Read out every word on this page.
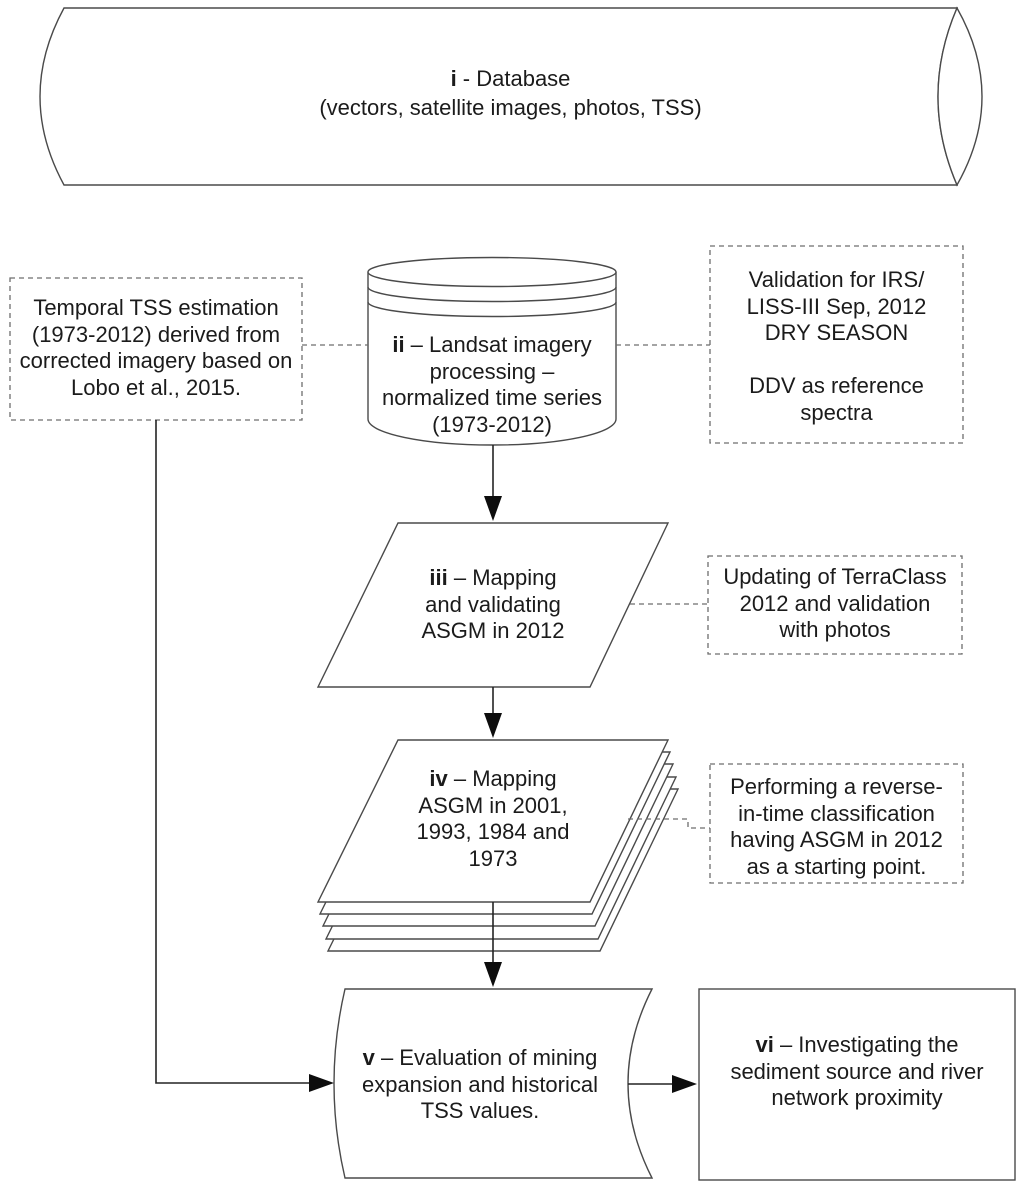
i - Database
(vectors, satellite images, photos, TSS)
Temporal TSS estimation
(1973-2012) derived from
corrected imagery based on
Lobo et al., 2015.
ii – Landsat imagery
processing –
normalized time series
(1973-2012)
Validation for IRS/
LISS-III Sep, 2012
DRY SEASON
DDV as reference
spectra
iii – Mapping
and validating
ASGM in 2012
Updating of TerraClass
2012 and validation
with photos
iv – Mapping
ASGM in 2001,
1993, 1984 and
1973
Performing a reverse-
in-time classification
having ASGM in 2012
as a starting point.
v – Evaluation of mining
expansion and historical
TSS values.
vi – Investigating the
sediment source and river
network proximity
